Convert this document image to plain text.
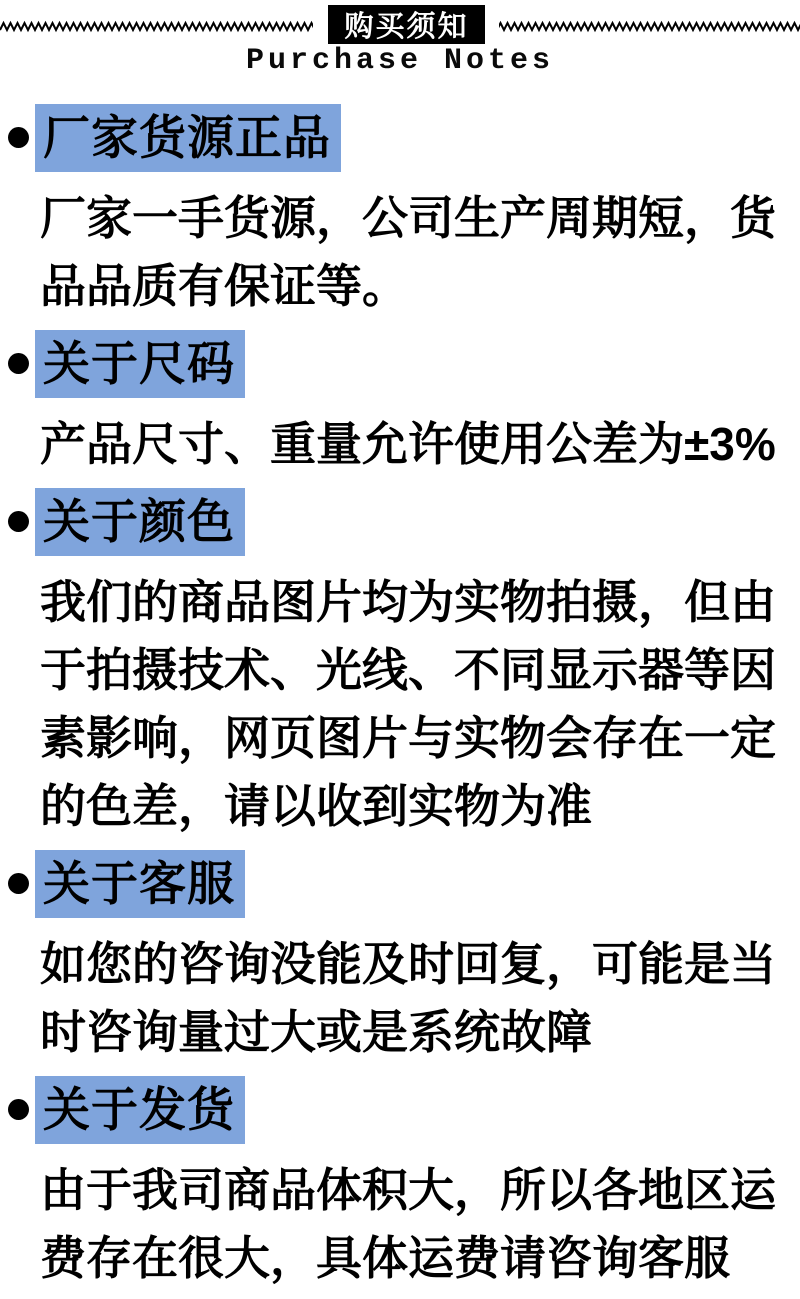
购买须知
Purchase Notes
厂家货源正品
厂家一手货源，公司生产周期短，货
品品质有保证等。
关于尺码
产品尺寸、重量允许使用公差为±3%
关于颜色
我们的商品图片均为实物拍摄，但由
于拍摄技术、光线、不同显示器等因
素影响，网页图片与实物会存在一定
的色差，请以收到实物为准
关于客服
如您的咨询没能及时回复，可能是当
时咨询量过大或是系统故障
关于发货
由于我司商品体积大，所以各地区运
费存在很大，具体运费请咨询客服
